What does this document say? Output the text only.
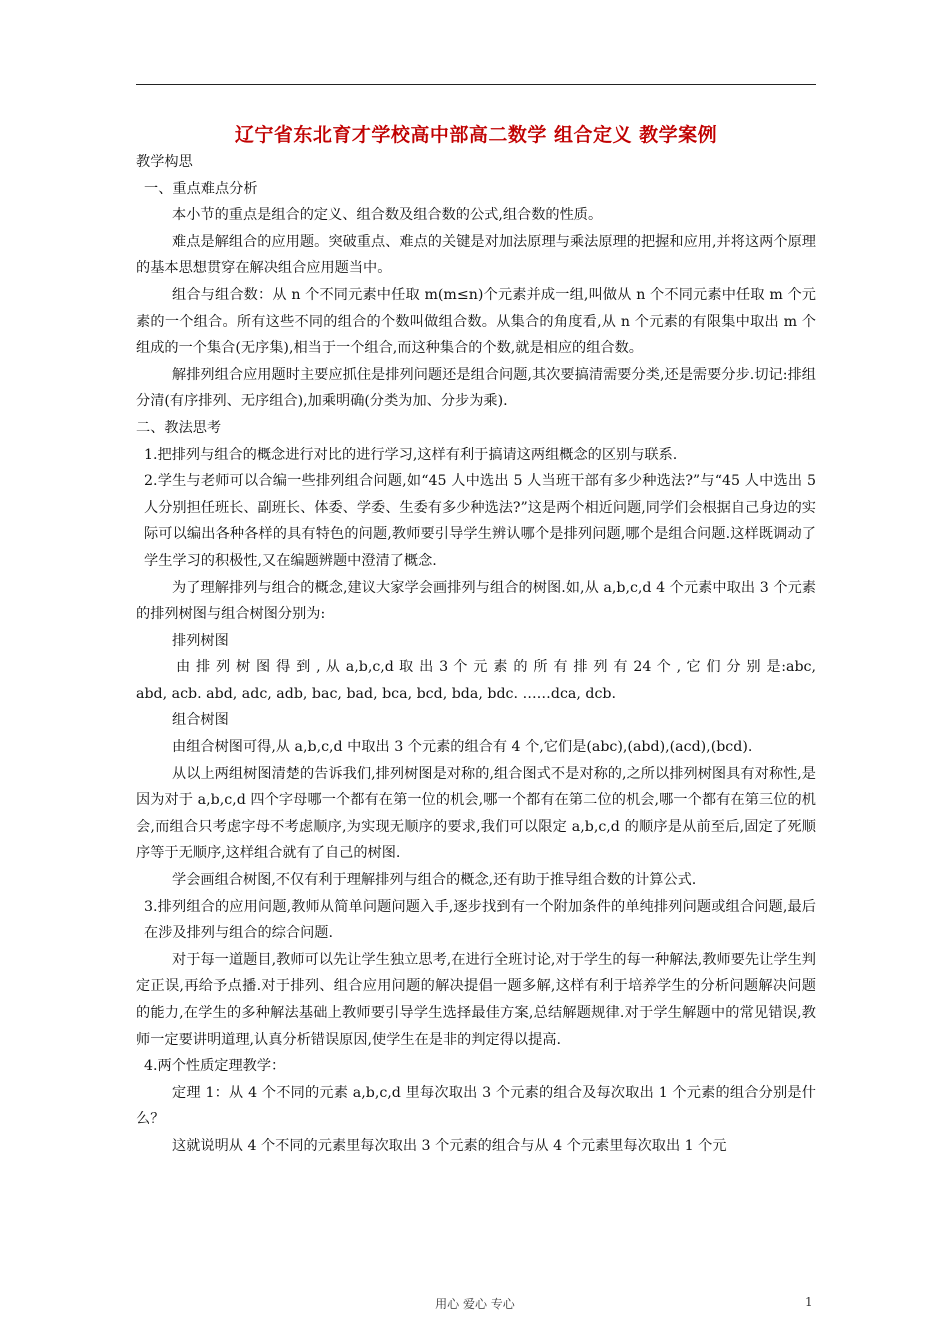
辽宁省东北育才学校高中部高二数学 组合定义 教学案例

教学构思

一、重点难点分析

本小节的重点是组合的定义、组合数及组合数的公式,组合数的性质。

难点是解组合的应用题。突破重点、难点的关键是对加法原理与乘法原理的把握和应用,并将这两个原理的基本思想贯穿在解决组合应用题当中。

组合与组合数：从 n 个不同元素中任取 m(m≤n)个元素并成一组,叫做从 n 个不同元素中任取 m 个元素的一个组合。所有这些不同的组合的个数叫做组合数。从集合的角度看,从 n 个元素的有限集中取出 m 个组成的一个集合(无序集),相当于一个组合,而这种集合的个数,就是相应的组合数。

解排列组合应用题时主要应抓住是排列问题还是组合问题,其次要搞清需要分类,还是需要分步.切记:排组分清(有序排列、无序组合),加乘明确(分类为加、分步为乘).

二、教法思考

1.把排列与组合的概念进行对比的进行学习,这样有利于搞请这两组概念的区别与联系.

2.学生与老师可以合编一些排列组合问题,如“45 人中选出 5 人当班干部有多少种选法?”与“45 人中选出 5 人分别担任班长、副班长、体委、学委、生委有多少种选法?”这是两个相近问题,同学们会根据自己身边的实际可以编出各种各样的具有特色的问题,教师要引导学生辨认哪个是排列问题,哪个是组合问题.这样既调动了学生学习的积极性,又在编题辨题中澄清了概念.

为了理解排列与组合的概念,建议大家学会画排列与组合的树图.如,从 a,b,c,d 4 个元素中取出 3 个元素的排列树图与组合树图分别为:

排列树图

由 排 列 树 图 得 到 , 从 a,b,c,d 取 出 3 个 元 素 的 所 有 排 列 有 24 个 , 它 们 分 别 是:abc, abd, acb. abd, adc, adb, bac, bad, bca, bcd, bda, bdc. ……dca, dcb.

组合树图

由组合树图可得,从 a,b,c,d 中取出 3 个元素的组合有 4 个,它们是(abc),(abd),(acd),(bcd).

从以上两组树图清楚的告诉我们,排列树图是对称的,组合图式不是对称的,之所以排列树图具有对称性,是因为对于 a,b,c,d 四个字母哪一个都有在第一位的机会,哪一个都有在第二位的机会,哪一个都有在第三位的机会,而组合只考虑字母不考虑顺序,为实现无顺序的要求,我们可以限定 a,b,c,d 的顺序是从前至后,固定了死顺序等于无顺序,这样组合就有了自己的树图.

学会画组合树图,不仅有利于理解排列与组合的概念,还有助于推导组合数的计算公式.

3.排列组合的应用问题,教师从简单问题问题入手,逐步找到有一个附加条件的单纯排列问题或组合问题,最后在涉及排列与组合的综合问题.

对于每一道题目,教师可以先让学生独立思考,在进行全班讨论,对于学生的每一种解法,教师要先让学生判定正误,再给予点播.对于排列、组合应用问题的解决提倡一题多解,这样有利于培养学生的分析问题解决问题的能力,在学生的多种解法基础上教师要引导学生选择最佳方案,总结解题规律.对于学生解题中的常见错误,教师一定要讲明道理,认真分析错误原因,使学生在是非的判定得以提高.

4.两个性质定理教学：

定理 1：从 4 个不同的元素 a,b,c,d 里每次取出 3 个元素的组合及每次取出 1 个元素的组合分别是什么？

这就说明从 4 个不同的元素里每次取出 3 个元素的组合与从 4 个元素里每次取出 1 个元

用心 爱心 专心	1
